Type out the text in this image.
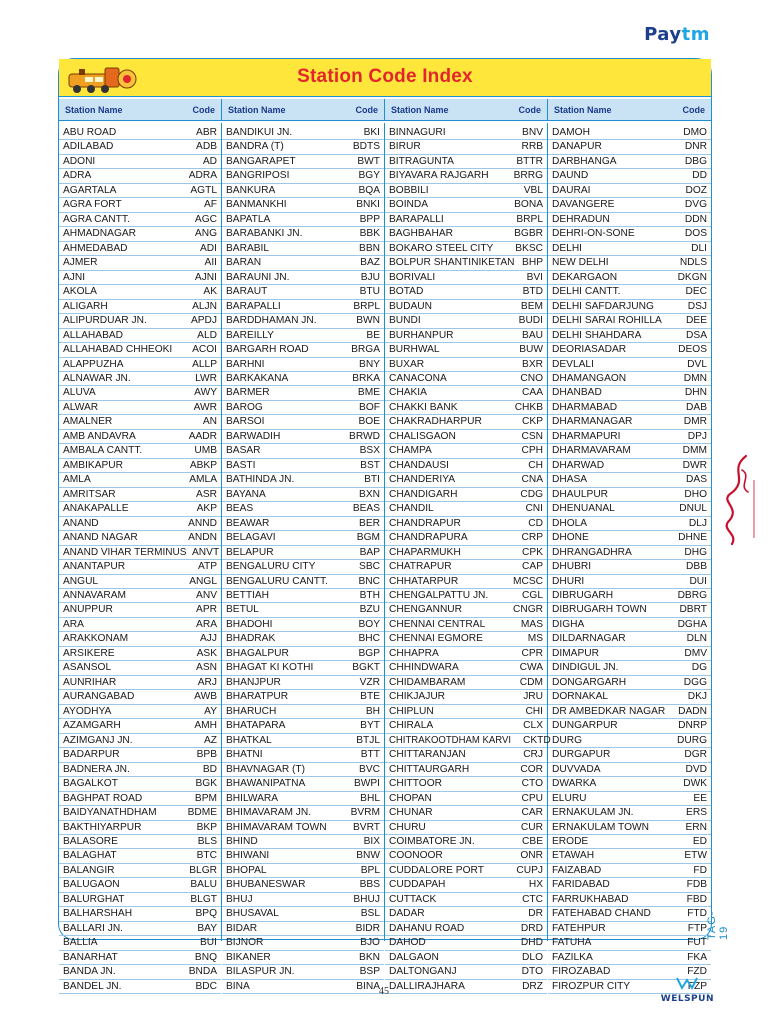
Paytm
Station Code Index
Station Name	Code Station Name	Code Station Name	Code Station Name	Code
ABU ROAD	ABR
ADILABAD	ADB
ADONI	AD
ADRA	ADRA
AGARTALA	AGTL
AGRA FORT	AF
AGRA CANTT.	AGC
AHMADNAGAR	ANG
AHMEDABAD	ADI
AJMER	AII
AJNI	AJNI
AKOLA	AK
ALIGARH	ALJN
ALIPURDUAR JN.	APDJ
ALLAHABAD	ALD
ALLAHABAD CHHEOKI	ACOI
ALAPPUZHA	ALLP
ALNAWAR JN.	LWR
ALUVA	AWY
ALWAR	AWR
AMALNER	AN
AMB ANDAVRA	AADR
AMBALA CANTT.	UMB
AMBIKAPUR	ABKP
AMLA	AMLA
AMRITSAR	ASR
ANAKAPALLE	AKP
ANAND	ANND
ANAND NAGAR	ANDN
ANAND VIHAR TERMINUS ANVT
ANANTAPUR	ATP
ANGUL	ANGL
ANNAVARAM	ANV
ANUPPUR	APR
ARA	ARA
ARAKKONAM	AJJ
ARSIKERE	ASK
ASANSOL	ASN
AUNRIHAR	ARJ
AURANGABAD	AWB
AYODHYA	AY
AZAMGARH	AMH
AZIMGANJ JN.	AZ
BADARPUR	BPB
BADNERA JN.	BD
BAGALKOT	BGK
BAGHPAT ROAD	BPM
BAIDYANATHDHAM	BDME
BAKTHIYARPUR	BKP
BALASORE	BLS
BALAGHAT	BTC
BALANGIR	BLGR
BALUGAON	BALU
BALURGHAT	BLGT
BALHARSHAH	BPQ
BALLARI JN.	BAY
BALLIA	BUI
BANARHAT	BNQ
BANDA JN.	BNDA
BANDEL JN.	BDC
BANDIKUI JN.	BKI
BANDRA (T)	BDTS
BANGARAPET	BWT
BANGRIPOSI	BGY
BANKURA	BQA
BANMANKHI	BNKI
BAPATLA	BPP
BARABANKI JN.	BBK
BARABIL	BBN
BARAN	BAZ
BARAUNI JN.	BJU
BARAUT	BTU
BARAPALLI	BRPL
BARDDHAMAN JN.	BWN
BAREILLY	BE
BARGARH ROAD	BRGA
BARHNI	BNY
BARKAKANA	BRKA
BARMER	BME
BAROG	BOF
BARSOI	BOE
BARWADIH	BRWD
BASAR	BSX
BASTI	BST
BATHINDA JN.	BTI
BAYANA	BXN
BEAS	BEAS
BEAWAR	BER
BELAGAVI	BGM
BELAPUR	BAP
BENGALURU CITY	SBC
BENGALURU CANTT.	BNC
BETTIAH	BTH
BETUL	BZU
BHADOHI	BOY
BHADRAK	BHC
BHAGALPUR	BGP
BHAGAT KI KOTHI	BGKT
BHANJPUR	VZR
BHARATPUR	BTE
BHARUCH	BH
BHATAPARA	BYT
BHATKAL	BTJL
BHATNI	BTT
BHAVNAGAR (T)	BVC
BHAWANIPATNA	BWPI
BHILWARA	BHL
BHIMAVARAM JN.	BVRM
BHIMAVARAM TOWN	BVRT
BHIND	BIX
BHIWANI	BNW
BHOPAL	BPL
BHUBANESWAR	BBS
BHUJ	BHUJ
BHUSAVAL	BSL
BIDAR	BIDR
BIJNOR	BJO
BIKANER	BKN
BILASPUR JN.	BSP
BINA	BINA
BINNAGURI	BNV
BIRUR	RRB
BITRAGUNTA	BTTR
BIYAVARA RAJGARH	BRRG
BOBBILI	VBL
BOINDA	BONA
BARAPALLI	BRPL
BAGHBAHAR	BGBR
BOKARO STEEL CITY	BKSC
BOLPUR SHANTINIKETAN BHP
BORIVALI	BVI
BOTAD	BTD
BUDAUN	BEM
BUNDI	BUDI
BURHANPUR	BAU
BURHWAL	BUW
BUXAR	BXR
CANACONA	CNO
CHAKIA	CAA
CHAKKI BANK	CHKB
CHAKRADHARPUR	CKP
CHALISGAON	CSN
CHAMPA	CPH
CHANDAUSI	CH
CHANDERIYA	CNA
CHANDIGARH	CDG
CHANDIL	CNI
CHANDRAPUR	CD
CHANDRAPURA	CRP
CHAPARMUKH	CPK
CHATRAPUR	CAP
CHHATARPUR	MCSC
CHENGALPATTU JN.	CGL
CHENGANNUR	CNGR
CHENNAI CENTRAL	MAS
CHENNAI EGMORE	MS
CHHAPRA	CPR
CHHINDWARA	CWA
CHIDAMBARAM	CDM
CHIKJAJUR	JRU
CHIPLUN	CHI
CHIRALA	CLX
CHITRAKOOTDHAM KARVI	CKTD
CHITTARANJAN	CRJ
CHITTAURGARH	COR
CHITTOOR	CTO
CHOPAN	CPU
CHUNAR	CAR
CHURU	CUR
COIMBATORE JN.	CBE
COONOOR	ONR
CUDDALORE PORT	CUPJ
CUDDAPAH	HX
CUTTACK	CTC
DADAR	DR
DAHANU ROAD	DRD
DAHOD	DHD
DALGAON	DLO
DALTONGANJ	DTO
DALLIRAJHARA	DRZ
DAMOH	DMO
DANAPUR	DNR
DARBHANGA	DBG
DAUND	DD
DAURAI	DOZ
DAVANGERE	DVG
DEHRADUN	DDN
DEHRI-ON-SONE	DOS
DELHI	DLI
NEW DELHI	NDLS
DEKARGAON	DKGN
DELHI CANTT.	DEC
DELHI SAFDARJUNG	DSJ
DELHI SARAI ROHILLA	DEE
DELHI SHAHDARA	DSA
DEORIASADAR	DEOS
DEVLALI	DVL
DHAMANGAON	DMN
DHANBAD	DHN
DHARMABAD	DAB
DHARMANAGAR	DMR
DHARMAPURI	DPJ
DHARMAVARAM	DMM
DHARWAD	DWR
DHASA	DAS
DHAULPUR	DHO
DHENUANAL	DNUL
DHOLA	DLJ
DHONE	DHNE
DHRANGADHRA	DHG
DHUBRI	DBB
DHURI	DUI
DIBRUGARH	DBRG
DIBRUGARH TOWN	DBRT
DIGHA	DGHA
DILDARNAGAR	DLN
DIMAPUR	DMV
DINDIGUL JN.	DG
DONGARGARH	DGG
DORNAKAL	DKJ
DR AMBEDKAR NAGAR	DADN
DUNGARPUR	DNRP
DURG	DURG
DURGAPUR	DGR
DUVVADA	DVD
DWARKA	DWK
ELURU	EE
ERNAKULAM JN.	ERS
ERNAKULAM TOWN	ERN
ERODE	ED
ETAWAH	ETW
FAIZABAD	FD
FARIDABAD	FDB
FARRUKHABAD	FBD
FATEHABAD CHAND	FTD
FATEHPUR	FTP
FATUHA	FUT
FAZILKA	FKA
FIROZABAD	FZD
FIROZPUR CITY	FZP
TAG-19
45
WELSPUN
